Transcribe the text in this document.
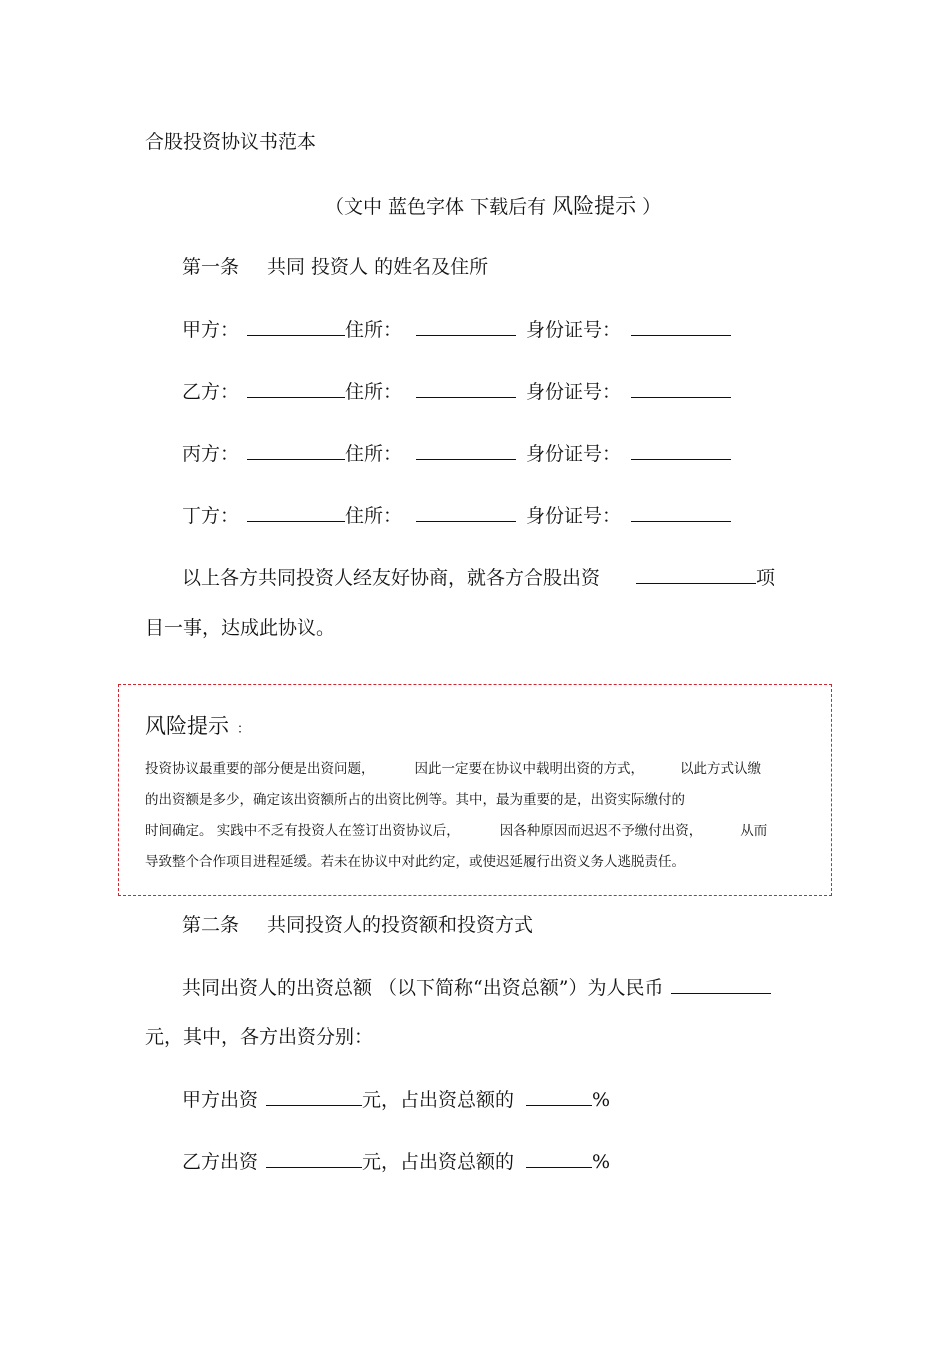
合股投资协议书范本
（文中 蓝色字体 下载后有 风险提示 ）
第一条 共同 投资人 的姓名及住所
甲方：	住所：	身份证号：
乙方：	住所：	身份证号：
丙方：	住所：	身份证号：
丁方：	住所：	身份证号：
以上各方共同投资人经友好协商，就各方合股出资	项
目一事，达成此协议。
风险提示 ：
投资协议最重要的部分便是出资问题，	因此一定要在协议中载明出资的方式，	以此方式认缴
的出资额是多少，确定该出资额所占的出资比例等。其中，最为重要的是，出资实际缴付的
时间确定。 实践中不乏有投资人在签订出资协议后，	因各种原因而迟迟不予缴付出资，	从而
导致整个合作项目进程延缓。若未在协议中对此约定，或使迟延履行出资义务人逃脱责任。
第二条 共同投资人的投资额和投资方式
共同出资人的出资总额 （以下简称“出资总额”）为人民币
元，其中，各方出资分别：
甲方出资	元，占出资总额的	%
乙方出资	元，占出资总额的	%
